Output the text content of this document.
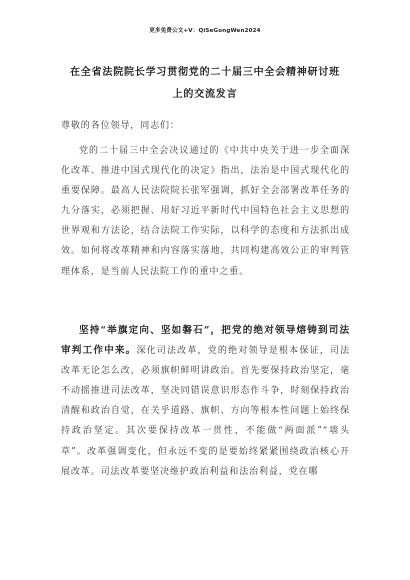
更多免费公文+V：QiSeGongWen2024
在全省法院院长学习贯彻党的二十届三中全会精神研讨班
上的交流发言
尊敬的各位领导，同志们：
党的二十届三中全会决议通过的《中共中央关于进一步全面深化改革、推进中国式现代化的决定》指出，法治是中国式现代化的重要保障。最高人民法院院长张军强调，抓好全会部署改革任务的九分落实，必须把握、用好习近平新时代中国特色社会主义思想的世界观和方法论，结合法院工作实际，以科学的态度和方法抓出成效。如何将改革精神和内容落实落地，共同构建高效公正的审判管理体系，是当前人民法院工作的重中之重。
坚持“举旗定向、坚如磐石”，把党的绝对领导熔铸到司法审判工作中来。深化司法改革，党的绝对领导是根本保证，司法改革无论怎么改，必须旗帜鲜明讲政治。首先要保持政治坚定，毫不动摇推进司法改革，坚决同错误意识形态作斗争，时刻保持政治清醒和政治自觉，在关乎道路、旗帜、方向等根本性问题上始终保持政治坚定。其次要保持改革一贯性，不能做“两面派”“墙头草”。改革强调变化，但永远不变的是要始终紧紧围绕政治核心开展改革。司法改革要坚决维护政治利益和法治利益，党在哪
